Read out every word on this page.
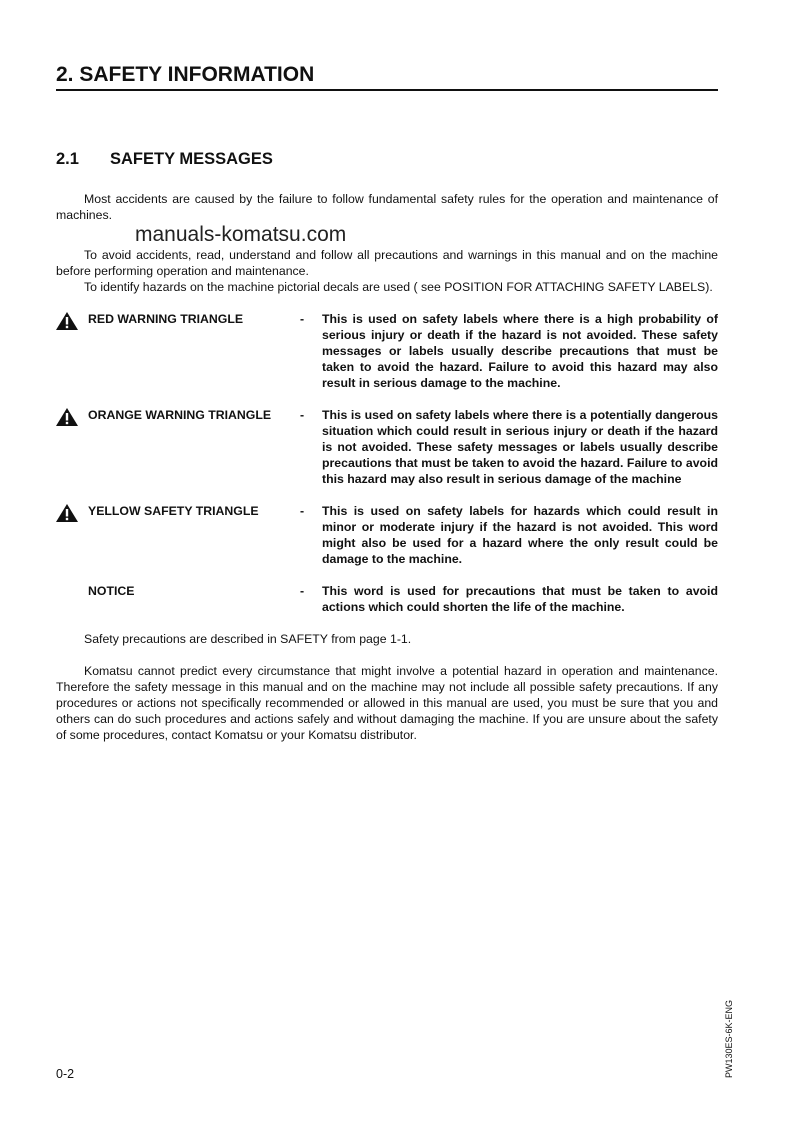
2. SAFETY INFORMATION
2.1 SAFETY MESSAGES

Most accidents are caused by the failure to follow fundamental safety rules for the operation and maintenance of machines.

manuals-komatsu.com

To avoid accidents, read, understand and follow all precautions and warnings in this manual and on the machine before performing operation and maintenance.

To identify hazards on the machine pictorial decals are used ( see POSITION FOR ATTACHING SAFETY LABELS).

RED WARNING TRIANGLE	-	This is used on safety labels where there is a high probability of serious injury or death if the hazard is not avoided. These safety messages or labels usually describe precautions that must be taken to avoid the hazard. Failure to avoid this hazard may also result in serious damage to the machine.
ORANGE WARNING TRIANGLE	-	This is used on safety labels where there is a potentially dangerous situation which could result in serious injury or death if the hazard is not avoided. These safety messages or labels usually describe precautions that must be taken to avoid the hazard. Failure to avoid this hazard may also result in serious damage of the machine
YELLOW SAFETY TRIANGLE	-	This is used on safety labels for hazards which could result in minor or moderate injury if the hazard is not avoided. This word might also be used for a hazard where the only result could be damage to the machine.
NOTICE	-	This word is used for precautions that must be taken to avoid actions which could shorten the life of the machine.

Safety precautions are described in SAFETY from page 1-1.

Komatsu cannot predict every circumstance that might involve a potential hazard in operation and maintenance. Therefore the safety message in this manual and on the machine may not include all possible safety precautions. If any procedures or actions not specifically recommended or allowed in this manual are used, you must be sure that you and others can do such procedures and actions safely and without damaging the machine. If you are unsure about the safety of some procedures, contact Komatsu or your Komatsu distributor.

PW130ES-6K-ENG
0-2
